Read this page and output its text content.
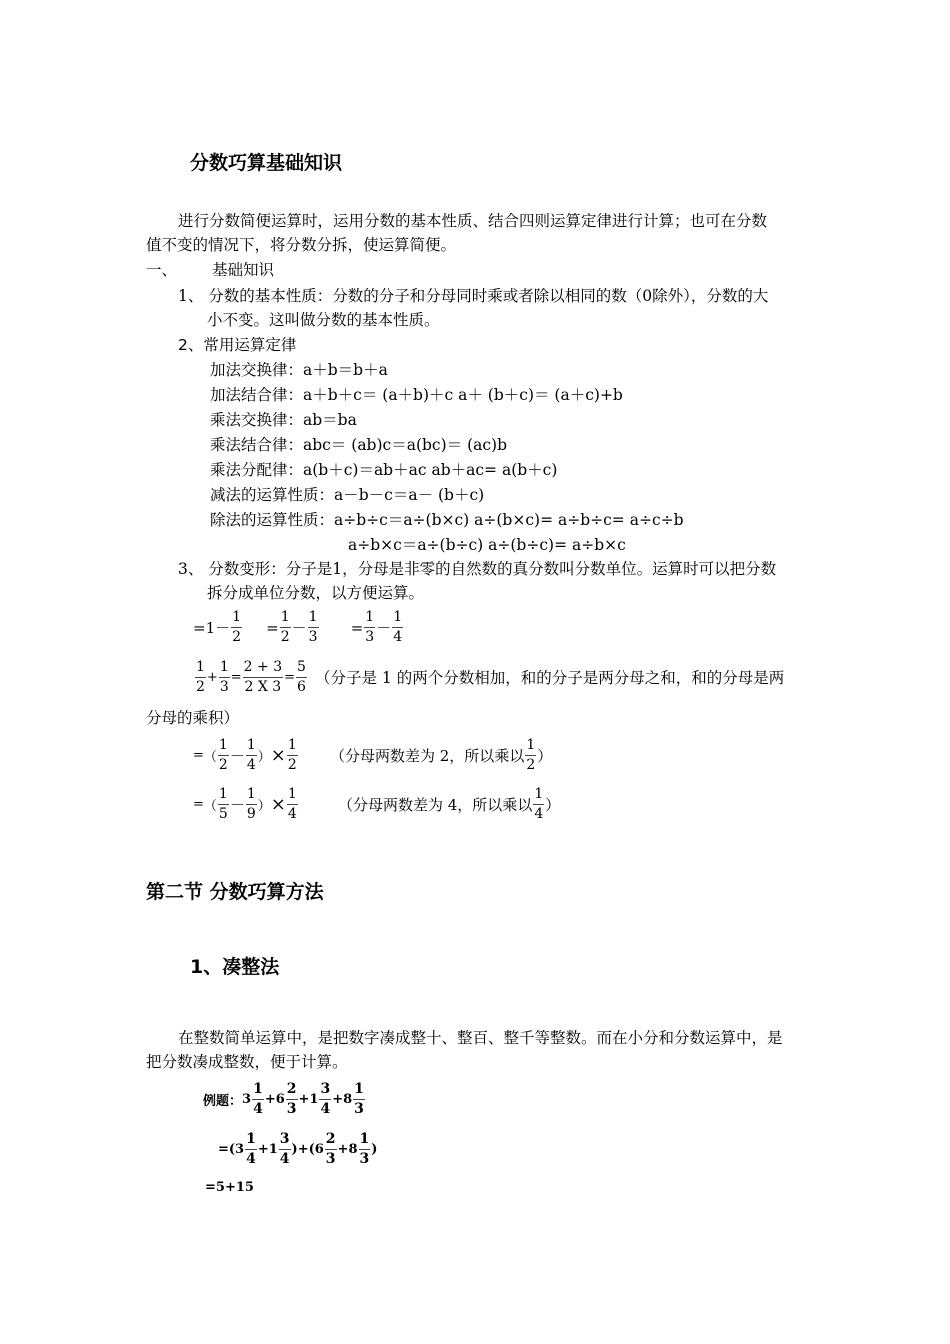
分数巧算基础知识
进行分数简便运算时，运用分数的基本性质、结合四则运算定律进行计算；也可在分数
值不变的情况下，将分数分拆，使运算简便。
一、 基础知识
1、 分数的基本性质：分数的分子和分母同时乘或者除以相同的数（0除外），分数的大
小不变。这叫做分数的基本性质。
2、常用运算定律
加法交换律：a＋b＝b＋a
加法结合律：a＋b＋c＝ (a＋b)＋c a＋ (b＋c)＝ (a＋c)+b
乘法交换律：ab＝ba
乘法结合律：abc＝ (ab)c＝a(bc)＝ (ac)b
乘法分配律：a(b＋c)＝ab＋ac ab＋ac= a(b＋c)
减法的运算性质：a－b－c＝a－ (b＋c)
除法的运算性质：a÷b÷c＝a÷(b×c) a÷(b×c)= a÷b÷c= a÷c÷b
a÷b×c＝a÷(b÷c) a÷(b÷c)= a÷b×c
3、 分数变形：分子是1，分母是非零的自然数的真分数叫分数单位。运算时可以把分数
拆分成单位分数，以方便运算。
$=1- \frac{1}{2} = \frac{1}{2} - \frac{1}{3} = \frac{1}{3} - \frac{1}{4}$
$\frac{1}{2} + \frac{1}{3} = \frac{2 + 3}{2 X 3} = \frac{5}{6}$ （分子是 1 的两个分数相加，和的分子是两分母之和，和的分母是两
分母的乘积）
=（ $\frac{1}{2} - \frac{1}{4}$ ）× $\frac{1}{2}$ （分母两数差为 2，所以乘以 $\frac{1}{2}$ ）
=（ $\frac{1}{5} - \frac{1}{9}$ ）× $\frac{1}{4}$	（分母两数差为 4，所以乘以 $\frac{1}{4}$ ）
第二节 分数巧算方法
1、凑整法
在整数简单运算中，是把数字凑成整十、整百、整千等整数。而在小分和分数运算中，是
把分数凑成整数，便于计算。
例题：$3 \frac{1}{4} +6 \frac{2}{3} +1 \frac{3}{4} +8 \frac{1}{3}$
$=(3 \frac{1}{4} +1 \frac{3}{4} )+(6 \frac{2}{3} +8 \frac{1}{3}$ )
=5+15
